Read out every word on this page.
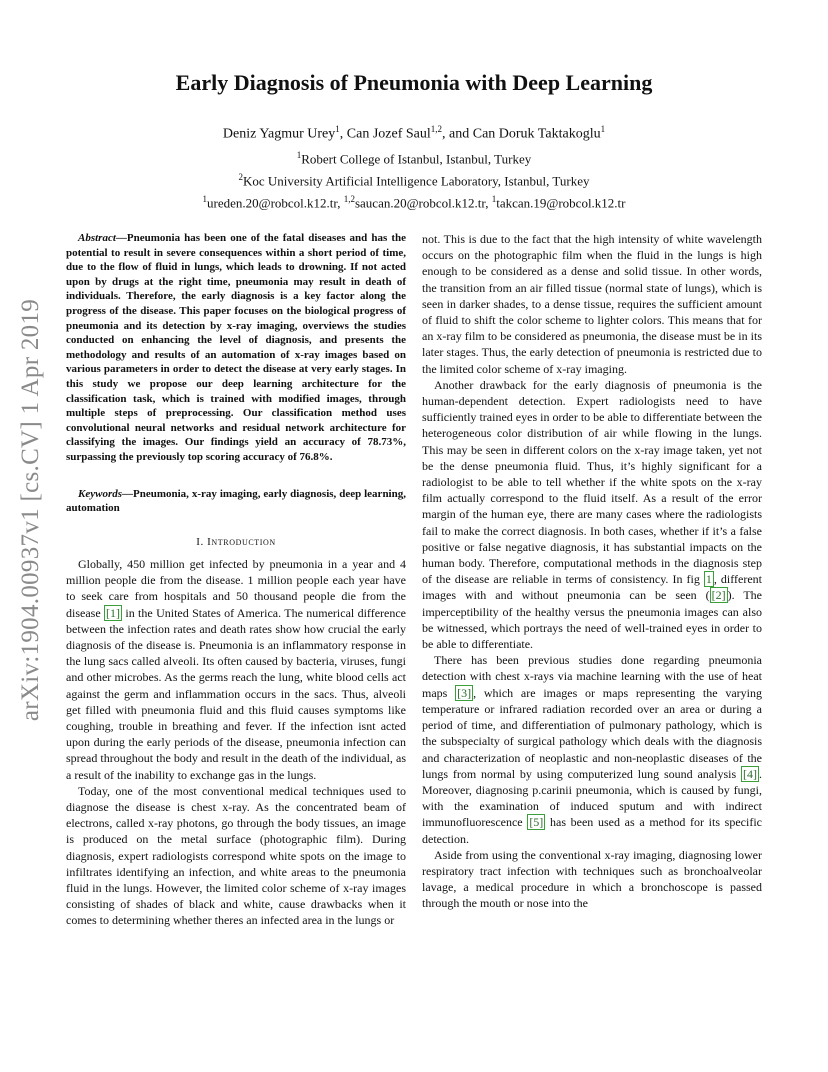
arXiv:1904.00937v1 [cs.CV] 1 Apr 2019
Early Diagnosis of Pneumonia with Deep Learning
Deniz Yagmur Urey$^1$, Can Jozef Saul$^{1,2}$, and Can Doruk Taktakoglu$^1$
$^1$Robert College of Istanbul, Istanbul, Turkey
$^2$Koc University Artificial Intelligence Laboratory, Istanbul, Turkey
$^1$ureden.20@robcol.k12.tr, $^{1,2}$saucan.20@robcol.k12.tr, $^1$takcan.19@robcol.k12.tr

Abstract—Pneumonia has been one of the fatal diseases and has the potential to result in severe consequences within a short period of time, due to the flow of fluid in lungs, which leads to drowning. If not acted upon by drugs at the right time, pneumonia may result in death of individuals. Therefore, the early diagnosis is a key factor along the progress of the disease. This paper focuses on the biological progress of pneumonia and its detection by x-ray imaging, overviews the studies conducted on enhancing the level of diagnosis, and presents the methodology and results of an automation of x-ray images based on various parameters in order to detect the disease at very early stages. In this study we propose our deep learning architecture for the classification task, which is trained with modified images, through multiple steps of preprocessing. Our classification method uses convolutional neural networks and residual network architecture for classifying the images. Our findings yield an accuracy of 78.73%, surpassing the previously top scoring accuracy of 76.8%.

Keywords—Pneumonia, x-ray imaging, early diagnosis, deep learning, automation

I. Introduction

Globally, 450 million get infected by pneumonia in a year and 4 million people die from the disease. 1 million people each year have to seek care from hospitals and 50 thousand people die from the disease [1] in the United States of America. The numerical difference between the infection rates and death rates show how crucial the early diagnosis of the disease is. Pneumonia is an inflammatory response in the lung sacs called alveoli. Its often caused by bacteria, viruses, fungi and other microbes. As the germs reach the lung, white blood cells act against the germ and inflammation occurs in the sacs. Thus, alveoli get filled with pneumonia fluid and this fluid causes symptoms like coughing, trouble in breathing and fever. If the infection isnt acted upon during the early periods of the disease, pneumonia infection can spread throughout the body and result in the death of the individual, as a result of the inability to exchange gas in the lungs.

Today, one of the most conventional medical techniques used to diagnose the disease is chest x-ray. As the concentrated beam of electrons, called x-ray photons, go through the body tissues, an image is produced on the metal surface (photographic film). During diagnosis, expert radiologists correspond white spots on the image to infiltrates identifying an infection, and white areas to the pneumonia fluid in the lungs. However, the limited color scheme of x-ray images consisting of shades of black and white, cause drawbacks when it comes to determining whether theres an infected area in the lungs or

not. This is due to the fact that the high intensity of white wavelength occurs on the photographic film when the fluid in the lungs is high enough to be considered as a dense and solid tissue. In other words, the transition from an air filled tissue (normal state of lungs), which is seen in darker shades, to a dense tissue, requires the sufficient amount of fluid to shift the color scheme to lighter colors. This means that for an x-ray film to be considered as pneumonia, the disease must be in its later stages. Thus, the early detection of pneumonia is restricted due to the limited color scheme of x-ray imaging.

Another drawback for the early diagnosis of pneumonia is the human-dependent detection. Expert radiologists need to have sufficiently trained eyes in order to be able to differentiate between the heterogeneous color distribution of air while flowing in the lungs. This may be seen in different colors on the x-ray image taken, yet not be the dense pneumonia fluid. Thus, it’s highly significant for a radiologist to be able to tell whether if the white spots on the x-ray film actually correspond to the fluid itself. As a result of the error margin of the human eye, there are many cases where the radiologists fail to make the correct diagnosis. In both cases, whether if it’s a false positive or false negative diagnosis, it has substantial impacts on the human body. Therefore, computational methods in the diagnosis step of the disease are reliable in terms of consistency. In fig 1 , different images with and without pneumonia can be seen ( [2] ). The imperceptibility of the healthy versus the pneumonia images can also be witnessed, which portrays the need of well-trained eyes in order to be able to differentiate.

There has been previous studies done regarding pneumonia detection with chest x-rays via machine learning with the use of heat maps [3] , which are images or maps representing the varying temperature or infrared radiation recorded over an area or during a period of time, and differentiation of pulmonary pathology, which is the subspecialty of surgical pathology which deals with the diagnosis and characterization of neoplastic and non-neoplastic diseases of the lungs from normal by using computerized lung sound analysis [4] . Moreover, diagnosing p.carinii pneumonia, which is caused by fungi, with the examination of induced sputum and with indirect immunofluorescence [5] has been used as a method for its specific detection.

Aside from using the conventional x-ray imaging, diagnosing lower respiratory tract infection with techniques such as bronchoalveolar lavage, a medical procedure in which a bronchoscope is passed through the mouth or nose into the
